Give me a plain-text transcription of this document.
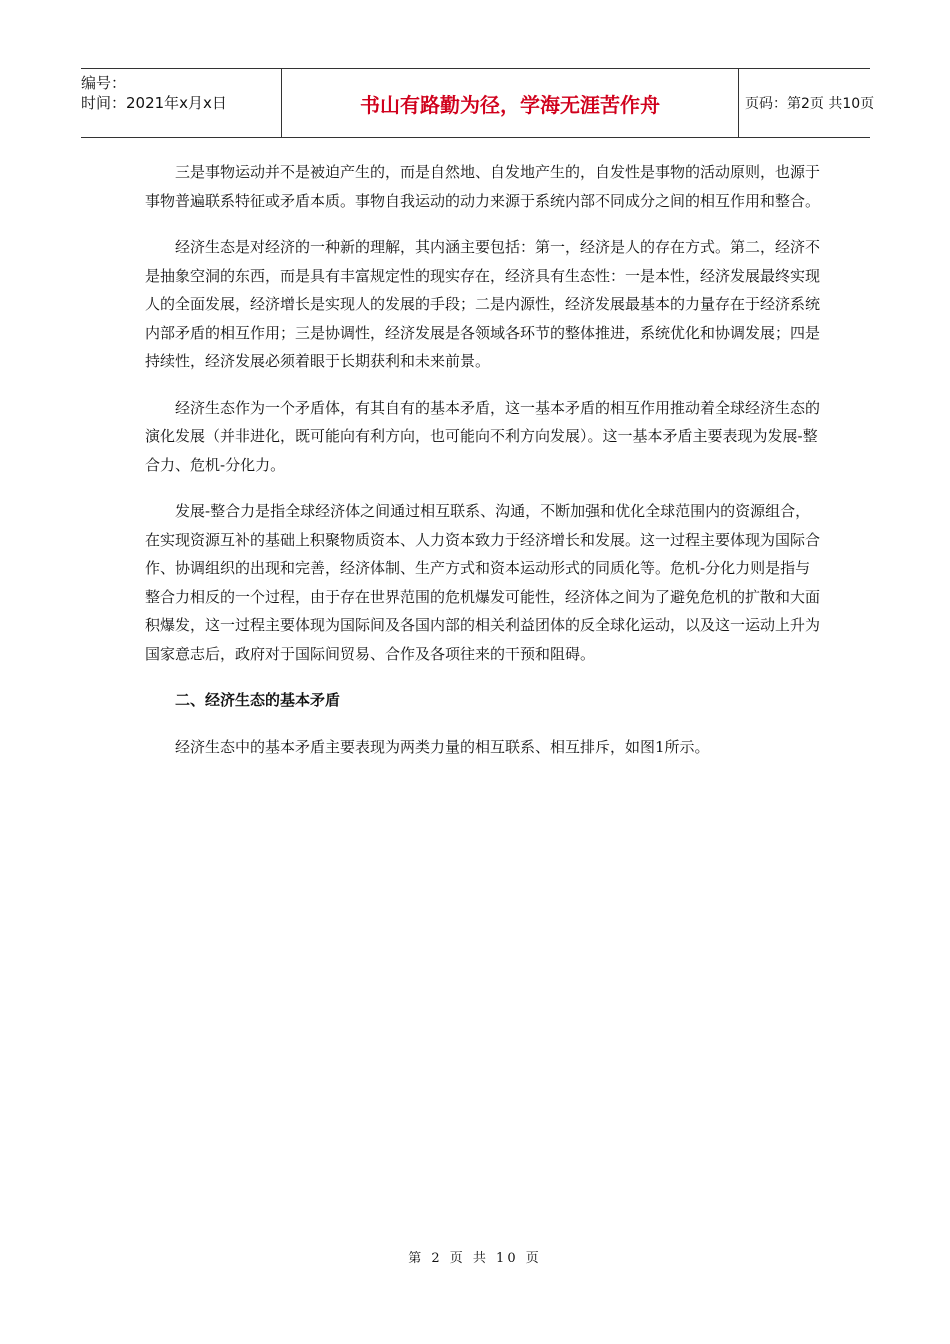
编号：
时间：2021年x月x日	书山有路勤为径，学海无涯苦作舟	页码：第2页 共10页

三是事物运动并不是被迫产生的，而是自然地、自发地产生的，自发性是事物的活动原则，也源于事物普遍联系特征或矛盾本质。事物自我运动的动力来源于系统内部不同成分之间的相互作用和整合。

经济生态是对经济的一种新的理解，其内涵主要包括：第一，经济是人的存在方式。第二，经济不是抽象空洞的东西，而是具有丰富规定性的现实存在，经济具有生态性：一是本性，经济发展最终实现人的全面发展，经济增长是实现人的发展的手段；二是内源性，经济发展最基本的力量存在于经济系统内部矛盾的相互作用；三是协调性，经济发展是各领域各环节的整体推进，系统优化和协调发展；四是持续性，经济发展必须着眼于长期获利和未来前景。

经济生态作为一个矛盾体，有其自有的基本矛盾，这一基本矛盾的相互作用推动着全球经济生态的演化发展（并非进化，既可能向有利方向，也可能向不利方向发展）。这一基本矛盾主要表现为发展-整合力、危机-分化力。

发展-整合力是指全球经济体之间通过相互联系、沟通，不断加强和优化全球范围内的资源组合，在实现资源互补的基础上积聚物质资本、人力资本致力于经济增长和发展。这一过程主要体现为国际合作、协调组织的出现和完善，经济体制、生产方式和资本运动形式的同质化等。危机-分化力则是指与整合力相反的一个过程，由于存在世界范围的危机爆发可能性，经济体之间为了避免危机的扩散和大面积爆发，这一过程主要体现为国际间及各国内部的相关利益团体的反全球化运动，以及这一运动上升为国家意志后，政府对于国际间贸易、合作及各项往来的干预和阻碍。

二、经济生态的基本矛盾

经济生态中的基本矛盾主要表现为两类力量的相互联系、相互排斥，如图1所示。

第 2 页 共 10 页
